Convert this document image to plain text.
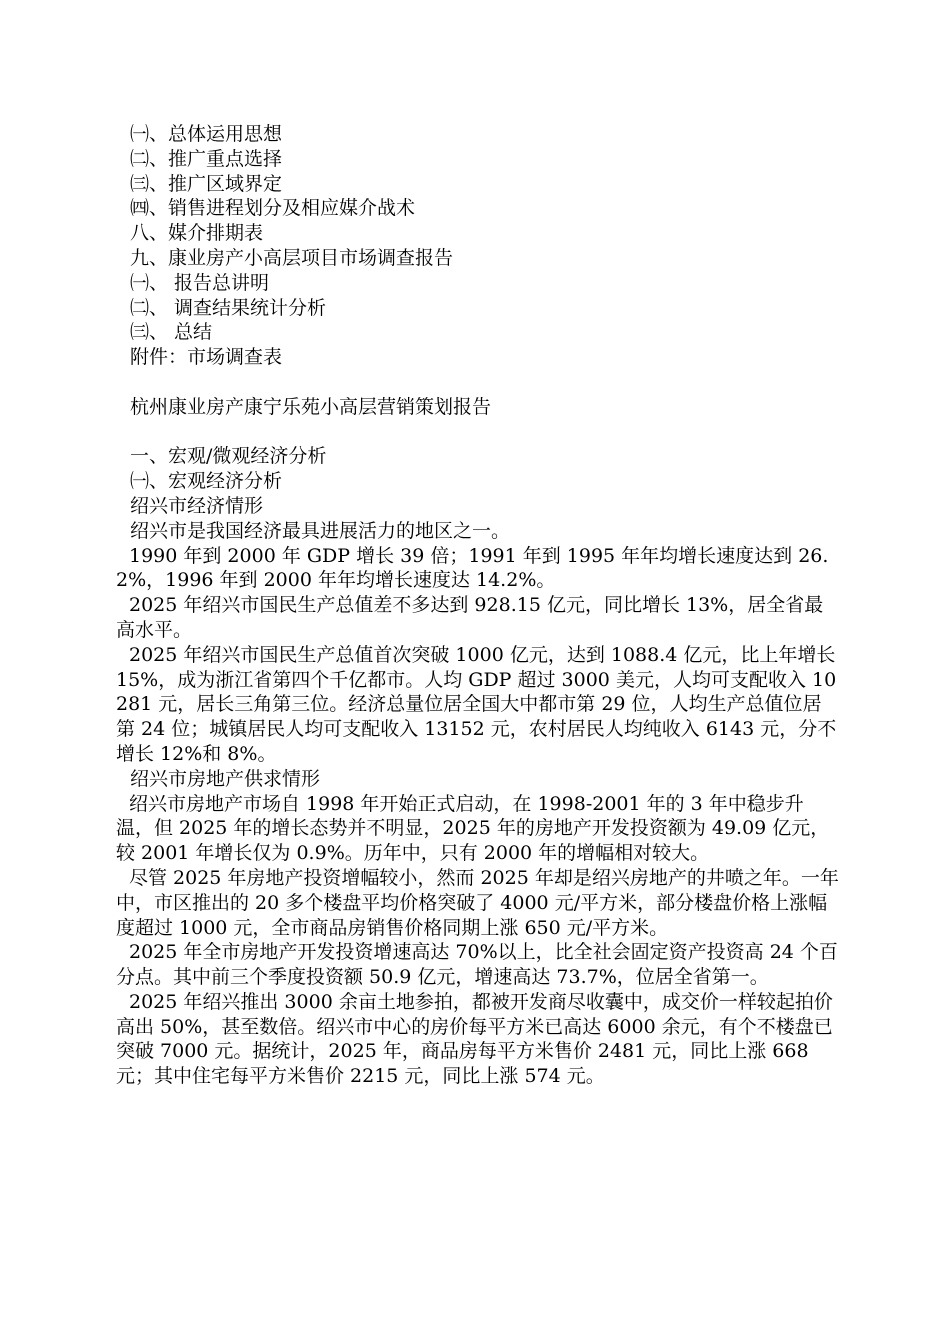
㈠、总体运用思想
㈡、推广重点选择
㈢、推广区域界定
㈣、销售进程划分及相应媒介战术
八、媒介排期表
九、康业房产小高层项目市场调查报告
㈠、 报告总讲明
㈡、 调查结果统计分析
㈢、 总结
附件：市场调查表
杭州康业房产康宁乐苑小高层营销策划报告
一、宏观/微观经济分析
㈠、宏观经济分析
绍兴市经济情形
绍兴市是我国经济最具进展活力的地区之一。
1990 年到 2000 年 GDP 增长 39 倍；1991 年到 1995 年年均增长速度达到 26.2%，1996 年到 2000 年年均增长速度达 14.2%。
2025 年绍兴市国民生产总值差不多达到 928.15 亿元，同比增长 13%，居全省最高水平。
2025 年绍兴市国民生产总值首次突破 1000 亿元，达到 1088.4 亿元，比上年增长 15%，成为浙江省第四个千亿都市。人均 GDP 超过 3000 美元，人均可支配收入 10281 元，居长三角第三位。经济总量位居全国大中都市第 29 位，人均生产总值位居第 24 位；城镇居民人均可支配收入 13152 元，农村居民人均纯收入 6143 元，分不增长 12%和 8%。
绍兴市房地产供求情形
绍兴市房地产市场自 1998 年开始正式启动，在 1998-2001 年的 3 年中稳步升温，但 2025 年的增长态势并不明显，2025 年的房地产开发投资额为 49.09 亿元，较 2001 年增长仅为 0.9%。历年中，只有 2000 年的增幅相对较大。
尽管 2025 年房地产投资增幅较小，然而 2025 年却是绍兴房地产的井喷之年。一年中，市区推出的 20 多个楼盘平均价格突破了 4000 元/平方米，部分楼盘价格上涨幅度超过 1000 元，全市商品房销售价格同期上涨 650 元/平方米。
2025 年全市房地产开发投资增速高达 70%以上，比全社会固定资产投资高 24 个百分点。其中前三个季度投资额 50.9 亿元，增速高达 73.7%，位居全省第一。
2025 年绍兴推出 3000 余亩土地参拍，都被开发商尽收囊中，成交价一样较起拍价高出 50%，甚至数倍。绍兴市中心的房价每平方米已高达 6000 余元，有个不楼盘已突破 7000 元。据统计，2025 年，商品房每平方米售价 2481 元，同比上涨 668 元；其中住宅每平方米售价 2215 元，同比上涨 574 元。
